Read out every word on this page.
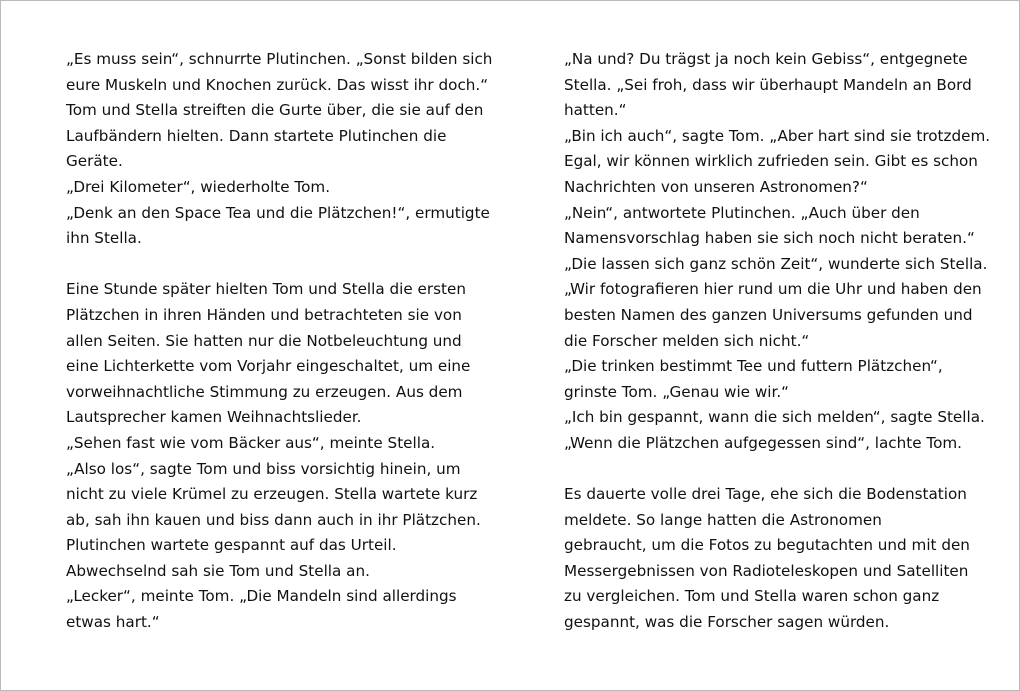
„Es muss sein“, schnurrte Plutinchen. „Sonst bilden sich
eure Muskeln und Knochen zurück. Das wisst ihr doch.“
Tom und Stella streiften die Gurte über, die sie auf den
Laufbändern hielten. Dann startete Plutinchen die
Geräte.
„Drei Kilometer“, wiederholte Tom.
„Denk an den Space Tea und die Plätzchen!“, ermutigte
ihn Stella.
Eine Stunde später hielten Tom und Stella die ersten
Plätzchen in ihren Händen und betrachteten sie von
allen Seiten. Sie hatten nur die Notbeleuchtung und
eine Lichterkette vom Vorjahr eingeschaltet, um eine
vorweihnachtliche Stimmung zu erzeugen. Aus dem
Lautsprecher kamen Weihnachtslieder.
„Sehen fast wie vom Bäcker aus“, meinte Stella.
„Also los“, sagte Tom und biss vorsichtig hinein, um
nicht zu viele Krümel zu erzeugen. Stella wartete kurz
ab, sah ihn kauen und biss dann auch in ihr Plätzchen.
Plutinchen wartete gespannt auf das Urteil.
Abwechselnd sah sie Tom und Stella an.
„Lecker“, meinte Tom. „Die Mandeln sind allerdings
etwas hart.“
„Na und? Du trägst ja noch kein Gebiss“, entgegnete
Stella. „Sei froh, dass wir überhaupt Mandeln an Bord
hatten.“
„Bin ich auch“, sagte Tom. „Aber hart sind sie trotzdem.
Egal, wir können wirklich zufrieden sein. Gibt es schon
Nachrichten von unseren Astronomen?“
„Nein“, antwortete Plutinchen. „Auch über den
Namensvorschlag haben sie sich noch nicht beraten.“
„Die lassen sich ganz schön Zeit“, wunderte sich Stella.
„Wir fotografieren hier rund um die Uhr und haben den
besten Namen des ganzen Universums gefunden und
die Forscher melden sich nicht.“
„Die trinken bestimmt Tee und futtern Plätzchen“,
grinste Tom. „Genau wie wir.“
„Ich bin gespannt, wann die sich melden“, sagte Stella.
„Wenn die Plätzchen aufgegessen sind“, lachte Tom.
Es dauerte volle drei Tage, ehe sich die Bodenstation
meldete. So lange hatten die Astronomen
gebraucht, um die Fotos zu begutachten und mit den
Messergebnissen von Radioteleskopen und Satelliten
zu vergleichen. Tom und Stella waren schon ganz
gespannt, was die Forscher sagen würden.
